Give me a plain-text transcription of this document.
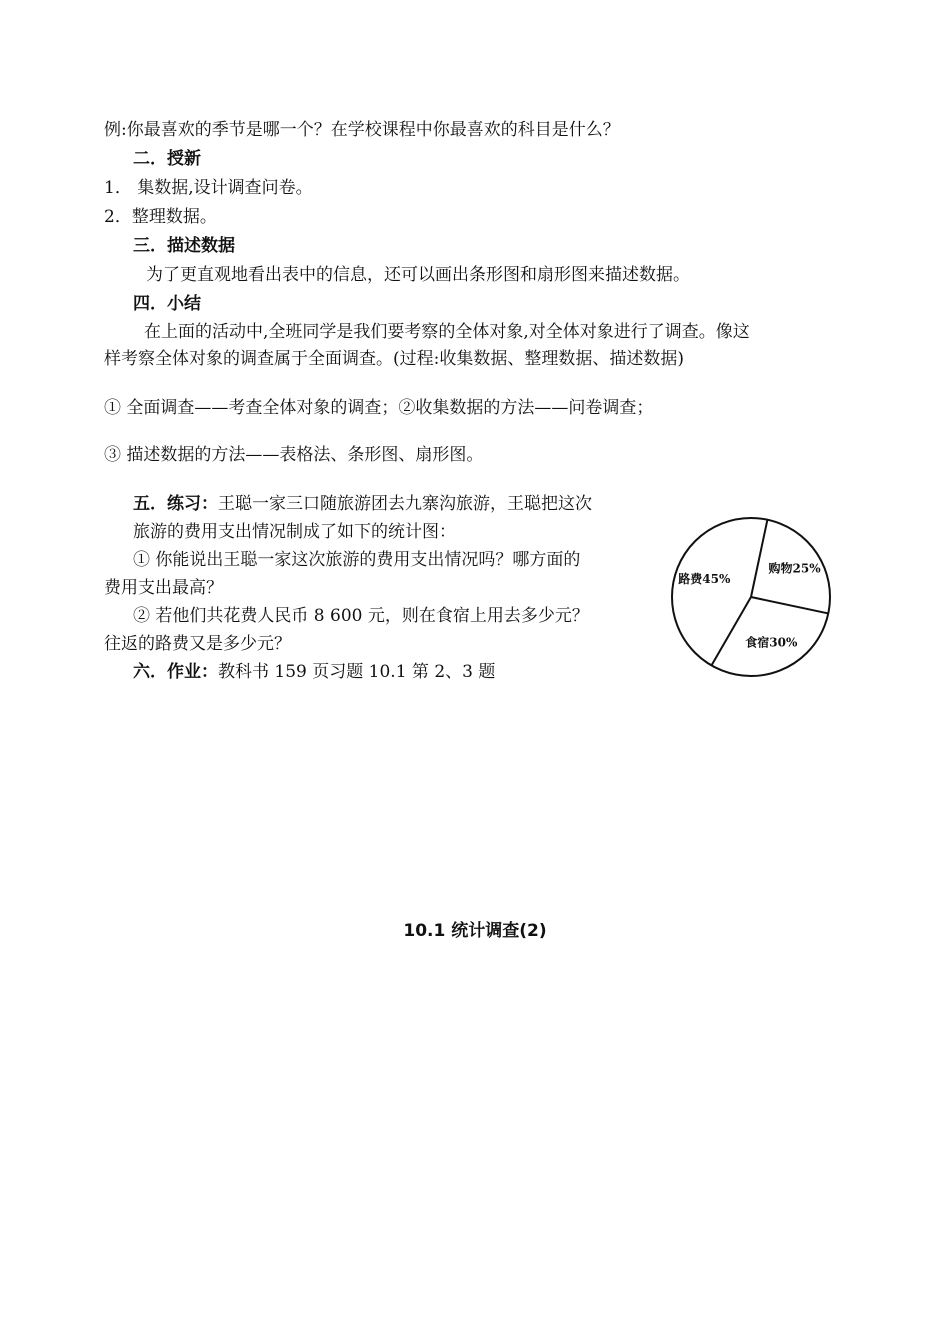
例:你最喜欢的季节是哪一个？在学校课程中你最喜欢的科目是什么？
二．授新
1． 集数据,设计调查问卷。
2．整理数据。
三．描述数据
为了更直观地看出表中的信息，还可以画出条形图和扇形图来描述数据。
四．小结
在上面的活动中,全班同学是我们要考察的全体对象,对全体对象进行了调查。像这
样考察全体对象的调查属于全面调查。(过程:收集数据、整理数据、描述数据)
① 全面调查——考查全体对象的调查；②收集数据的方法——问卷调查；
③ 描述数据的方法——表格法、条形图、扇形图。
五．练习：王聪一家三口随旅游团去九寨沟旅游，王聪把这次
旅游的费用支出情况制成了如下的统计图：
① 你能说出王聪一家这次旅游的费用支出情况吗？哪方面的
费用支出最高？
② 若他们共花费人民币 8 600 元，则在食宿上用去多少元？
往返的路费又是多少元？
六．作业：教科书 159 页习题 10.1 第 2、3 题
购物25%
食宿30%
路费45%
10.1 统计调查(2)
